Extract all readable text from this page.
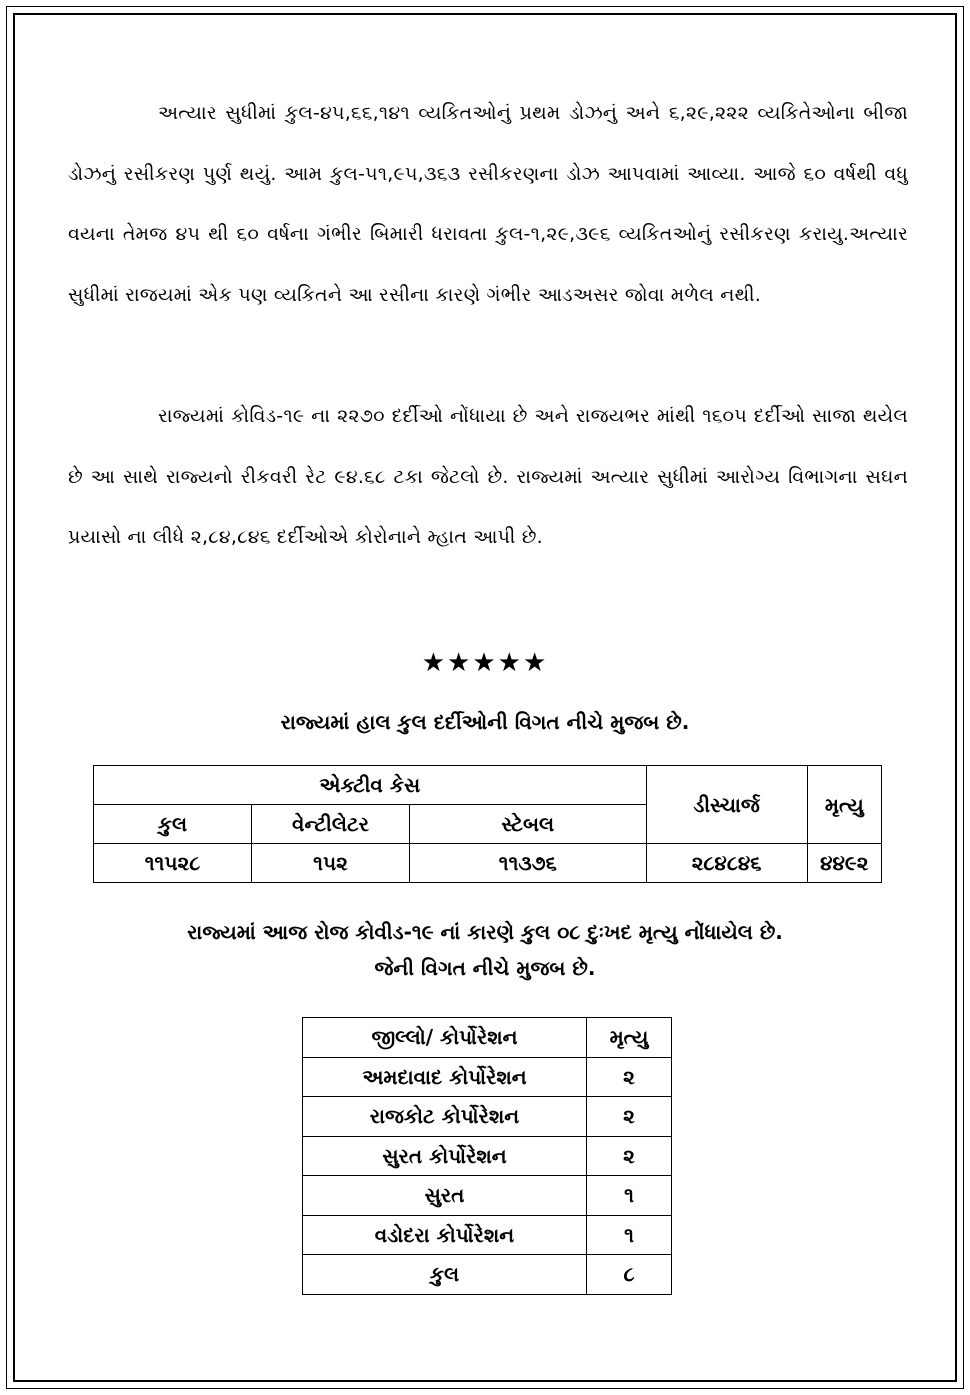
અત્યાર સુધીમાં કુલ-૪૫,૬૬,૧૪૧ વ્યકિતઓનું પ્રથમ ડોઝનું અને ૬,૨૯,૨૨૨ વ્યકિતેઓના બીજા ડોઝનું રસીકરણ પુર્ણ થયું. આમ કુલ-૫૧,૯૫,૩૬૩ રસીકરણના ડોઝ આપવામાં આવ્યા. આજે ૬૦ વર્ષથી વધુ વયના તેમજ ૪૫ થી ૬૦ વર્ષના ગંભીર બિમારી ધરાવતા કુલ-૧,૨૯,૩૯૬ વ્યકિતઓનું રસીકરણ કરાયુ.અત્યાર સુધીમાં રાજયમાં એક પણ વ્યકિતને આ રસીના કારણે ગંભીર આડઅસર જોવા મળેલ નથી.

રાજ્યમાં કોવિડ-૧૯ ના ૨૨૭૦ દર્દીઓ નોંધાયા છે અને રાજયભર માંથી ૧૬૦૫ દર્દીઓ સાજા થયેલ છે આ સાથે રાજ્યનો રીકવરી રેટ ૯૪.૬૮ ટકા જેટલો છે. રાજ્યમાં અત્યાર સુધીમાં આરોગ્ય વિભાગના સઘન પ્રયાસો ના લીધે ૨,૮૪,૮૪૬ દર્દીઓએ કોરોનાને મ્હાત આપી છે.

★★★★★

રાજ્યમાં હાલ કુલ દર્દીઓની વિગત નીચે મુજબ છે.

એક્ટીવ કેસ			ડીસ્ચાર્જ	મૃત્યુ
કુલ	વેન્ટીલેટર	સ્ટેબલ		
૧૧૫૨૮	૧૫૨	૧૧૩૭૬	૨૮૪૮૪૬	૪૪૯૨
રાજ્યમાં આજ રોજ કોવીડ-૧૯ નાં કારણે કુલ ૦૮ દુઃખદ મૃત્યુ નોંધાયેલ છે.
જેની વિગત નીચે મુજબ છે.
જીલ્લો/ કોર્પોરેશન	મૃત્યુ
અમદાવાદ કોર્પોરેશન	૨
રાજકોટ કોર્પોરેશન	૨
સુરત કોર્પોરેશન	૨
સુરત	૧
વડોદરા કોર્પોરેશન	૧
કુલ	૮
